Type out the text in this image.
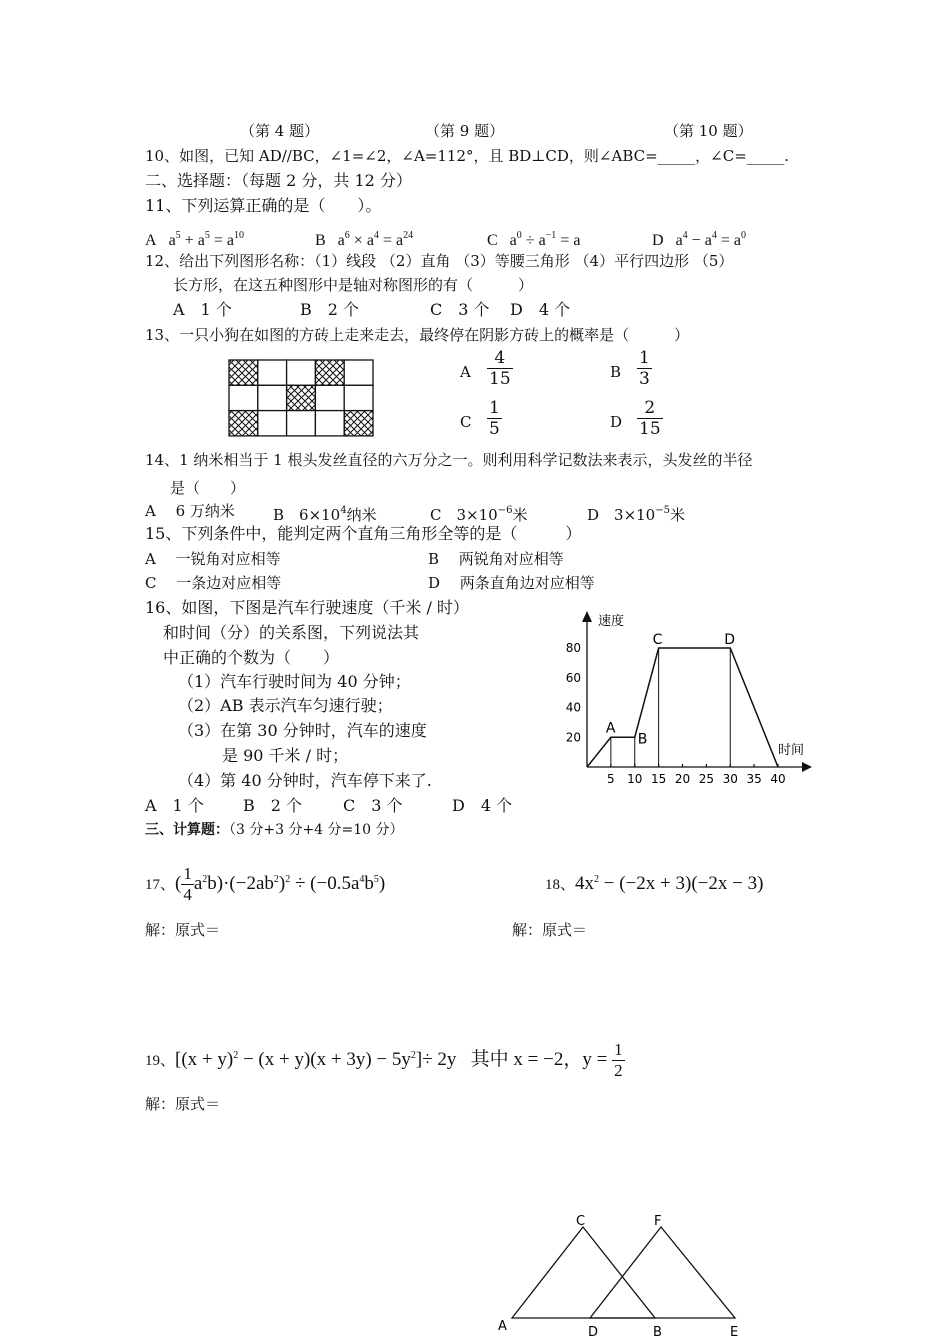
（第 4 题）	（第 9 题）	（第 10 题）
10、如图，已知 AD//BC，∠1=∠2，∠A=112°，且 BD⊥CD，则∠ABC=_____，∠C=_____.
二、选择题：（每题 2 分，共 12 分）
11、下列运算正确的是（　　）。
A $a^5 + a^5 = a^{10}$	B $a^6 \times a^4 = a^{24}$	C $a^0 \div a^{-1} = a$	D $a^4 - a^4 = a^0$
12、给出下列图形名称：（1）线段 （2）直角 （3）等腰三角形 （4）平行四边形 （5）
长方形，在这五种图形中是轴对称图形的有（　　　）
A　1 个	B　2 个	C　3 个 D　4 个
13、一只小狗在如图的方砖上走来走去，最终停在阴影方砖上的概率是（　　　）
A $\frac{4}{15}$	B $\frac{1}{3}$
C $\frac{1}{5}$	D $\frac{2}{15}$
14、1 纳米相当于 1 根头发丝直径的六万分之一。则利用科学记数法来表示，头发丝的半径
是（　　）
A　 6 万纳米	B　$6\times 10^4$纳米	C　$3\times 10^{-6}$米	D　$3\times 10^{-5}$米
15、下列条件中，能判定两个直角三角形全等的是（　　　）
A　 一锐角对应相等	B　 两锐角对应相等
C　 一条边对应相等	D　 两条直角边对应相等
16、如图，下图是汽车行驶速度（千米 / 时）
和时间（分）的关系图，下列说法其
中正确的个数为（　　）
（1）汽车行驶时间为 40 分钟；
（2）AB 表示汽车匀速行驶；
（3）在第 30 分钟时，汽车的速度
是 90 千米 / 时；
（4）第 40 分钟时，汽车停下来了.
A　1 个 B　2 个	C　3 个	D　4 个
速度
时间
5 10 15 20 25 30 35 40
20
40
60
80
A
B
C	D
三、计算题：（3 分+3 分+4 分=10 分）
17、( $\frac{1}{4} a^2b)\cdot(-2ab^2)^2 \div (-0.5a^4b^5)$	18、$4x^2 - (-2x + 3)(-2x - 3)$
解：原式＝	解：原式＝
19、$[(x + y)^2 - (x + y)(x + 3y) - 5y^2]\div 2y$ 其中 x = −2，$y = \frac{1}{2}$
解：原式＝
A	D	B	E
C	F
